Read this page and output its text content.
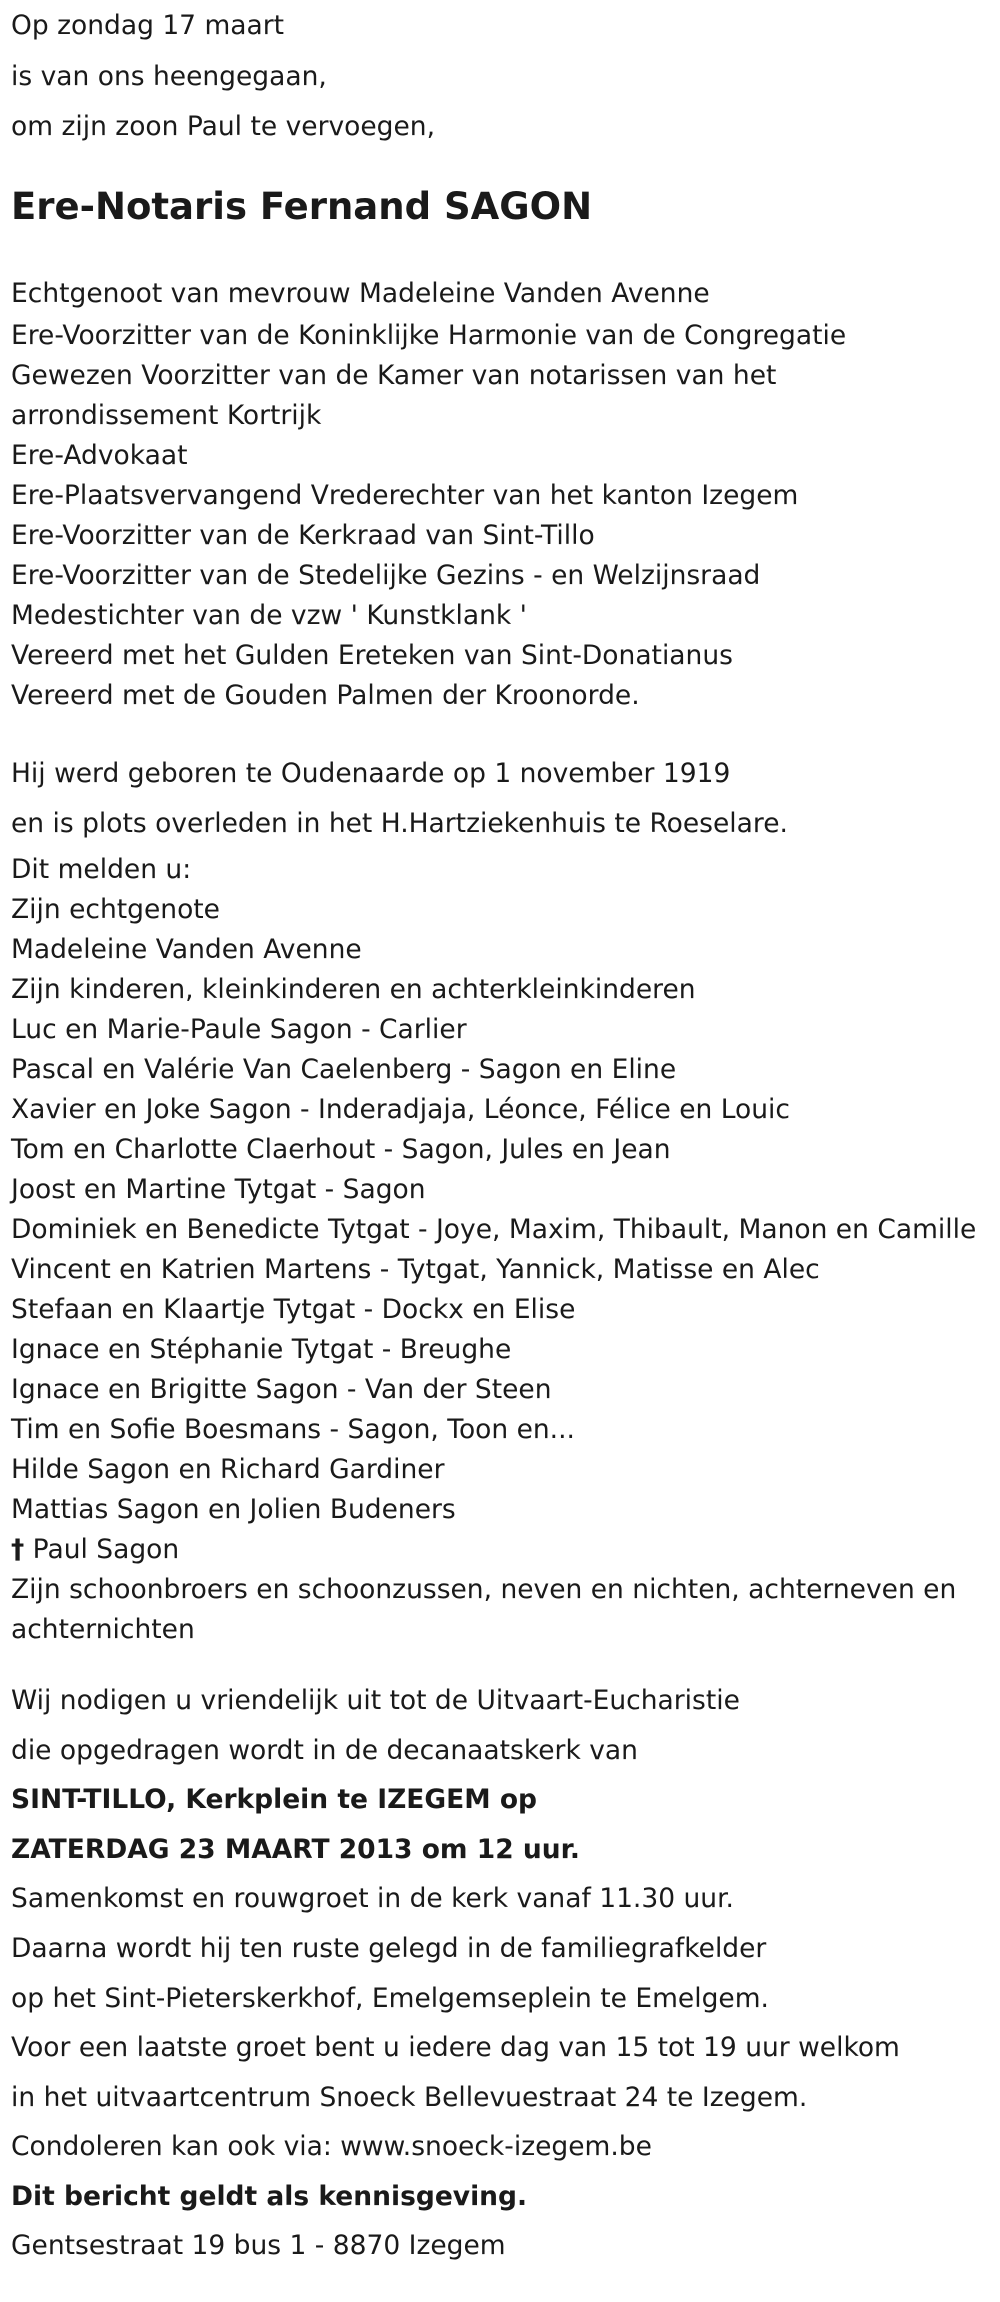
Op zondag 17 maart
is van ons heengegaan,
om zijn zoon Paul te vervoegen,
Ere-Notaris Fernand SAGON
Echtgenoot van mevrouw Madeleine Vanden Avenne
Ere-Voorzitter van de Koninklijke Harmonie van de Congregatie
Gewezen Voorzitter van de Kamer van notarissen van het
arrondissement Kortrijk
Ere-Advokaat
Ere-Plaatsvervangend Vrederechter van het kanton Izegem
Ere-Voorzitter van de Kerkraad van Sint-Tillo
Ere-Voorzitter van de Stedelijke Gezins - en Welzijnsraad
Medestichter van de vzw ' Kunstklank '
Vereerd met het Gulden Ereteken van Sint-Donatianus
Vereerd met de Gouden Palmen der Kroonorde.
Hij werd geboren te Oudenaarde op 1 november 1919
en is plots overleden in het H.Hartziekenhuis te Roeselare.
Dit melden u:
Zijn echtgenote
Madeleine Vanden Avenne
Zijn kinderen, kleinkinderen en achterkleinkinderen
Luc en Marie-Paule Sagon - Carlier
Pascal en Valérie Van Caelenberg - Sagon en Eline
Xavier en Joke Sagon - Inderadjaja, Léonce, Félice en Louic
Tom en Charlotte Claerhout - Sagon, Jules en Jean
Joost en Martine Tytgat - Sagon
Dominiek en Benedicte Tytgat - Joye, Maxim, Thibault, Manon en Camille
Vincent en Katrien Martens - Tytgat, Yannick, Matisse en Alec
Stefaan en Klaartje Tytgat - Dockx en Elise
Ignace en Stéphanie Tytgat - Breughe
Ignace en Brigitte Sagon - Van der Steen
Tim en Sofie Boesmans - Sagon, Toon en...
Hilde Sagon en Richard Gardiner
Mattias Sagon en Jolien Budeners
† Paul Sagon
Zijn schoonbroers en schoonzussen, neven en nichten, achterneven en
achternichten
Wij nodigen u vriendelijk uit tot de Uitvaart-Eucharistie
die opgedragen wordt in de decanaatskerk van
SINT-TILLO, Kerkplein te IZEGEM op
ZATERDAG 23 MAART 2013 om 12 uur.
Samenkomst en rouwgroet in de kerk vanaf 11.30 uur.
Daarna wordt hij ten ruste gelegd in de familiegrafkelder
op het Sint-Pieterskerkhof, Emelgemseplein te Emelgem.
Voor een laatste groet bent u iedere dag van 15 tot 19 uur welkom
in het uitvaartcentrum Snoeck Bellevuestraat 24 te Izegem.
Condoleren kan ook via: www.snoeck-izegem.be
Dit bericht geldt als kennisgeving.
Gentsestraat 19 bus 1 - 8870 Izegem
